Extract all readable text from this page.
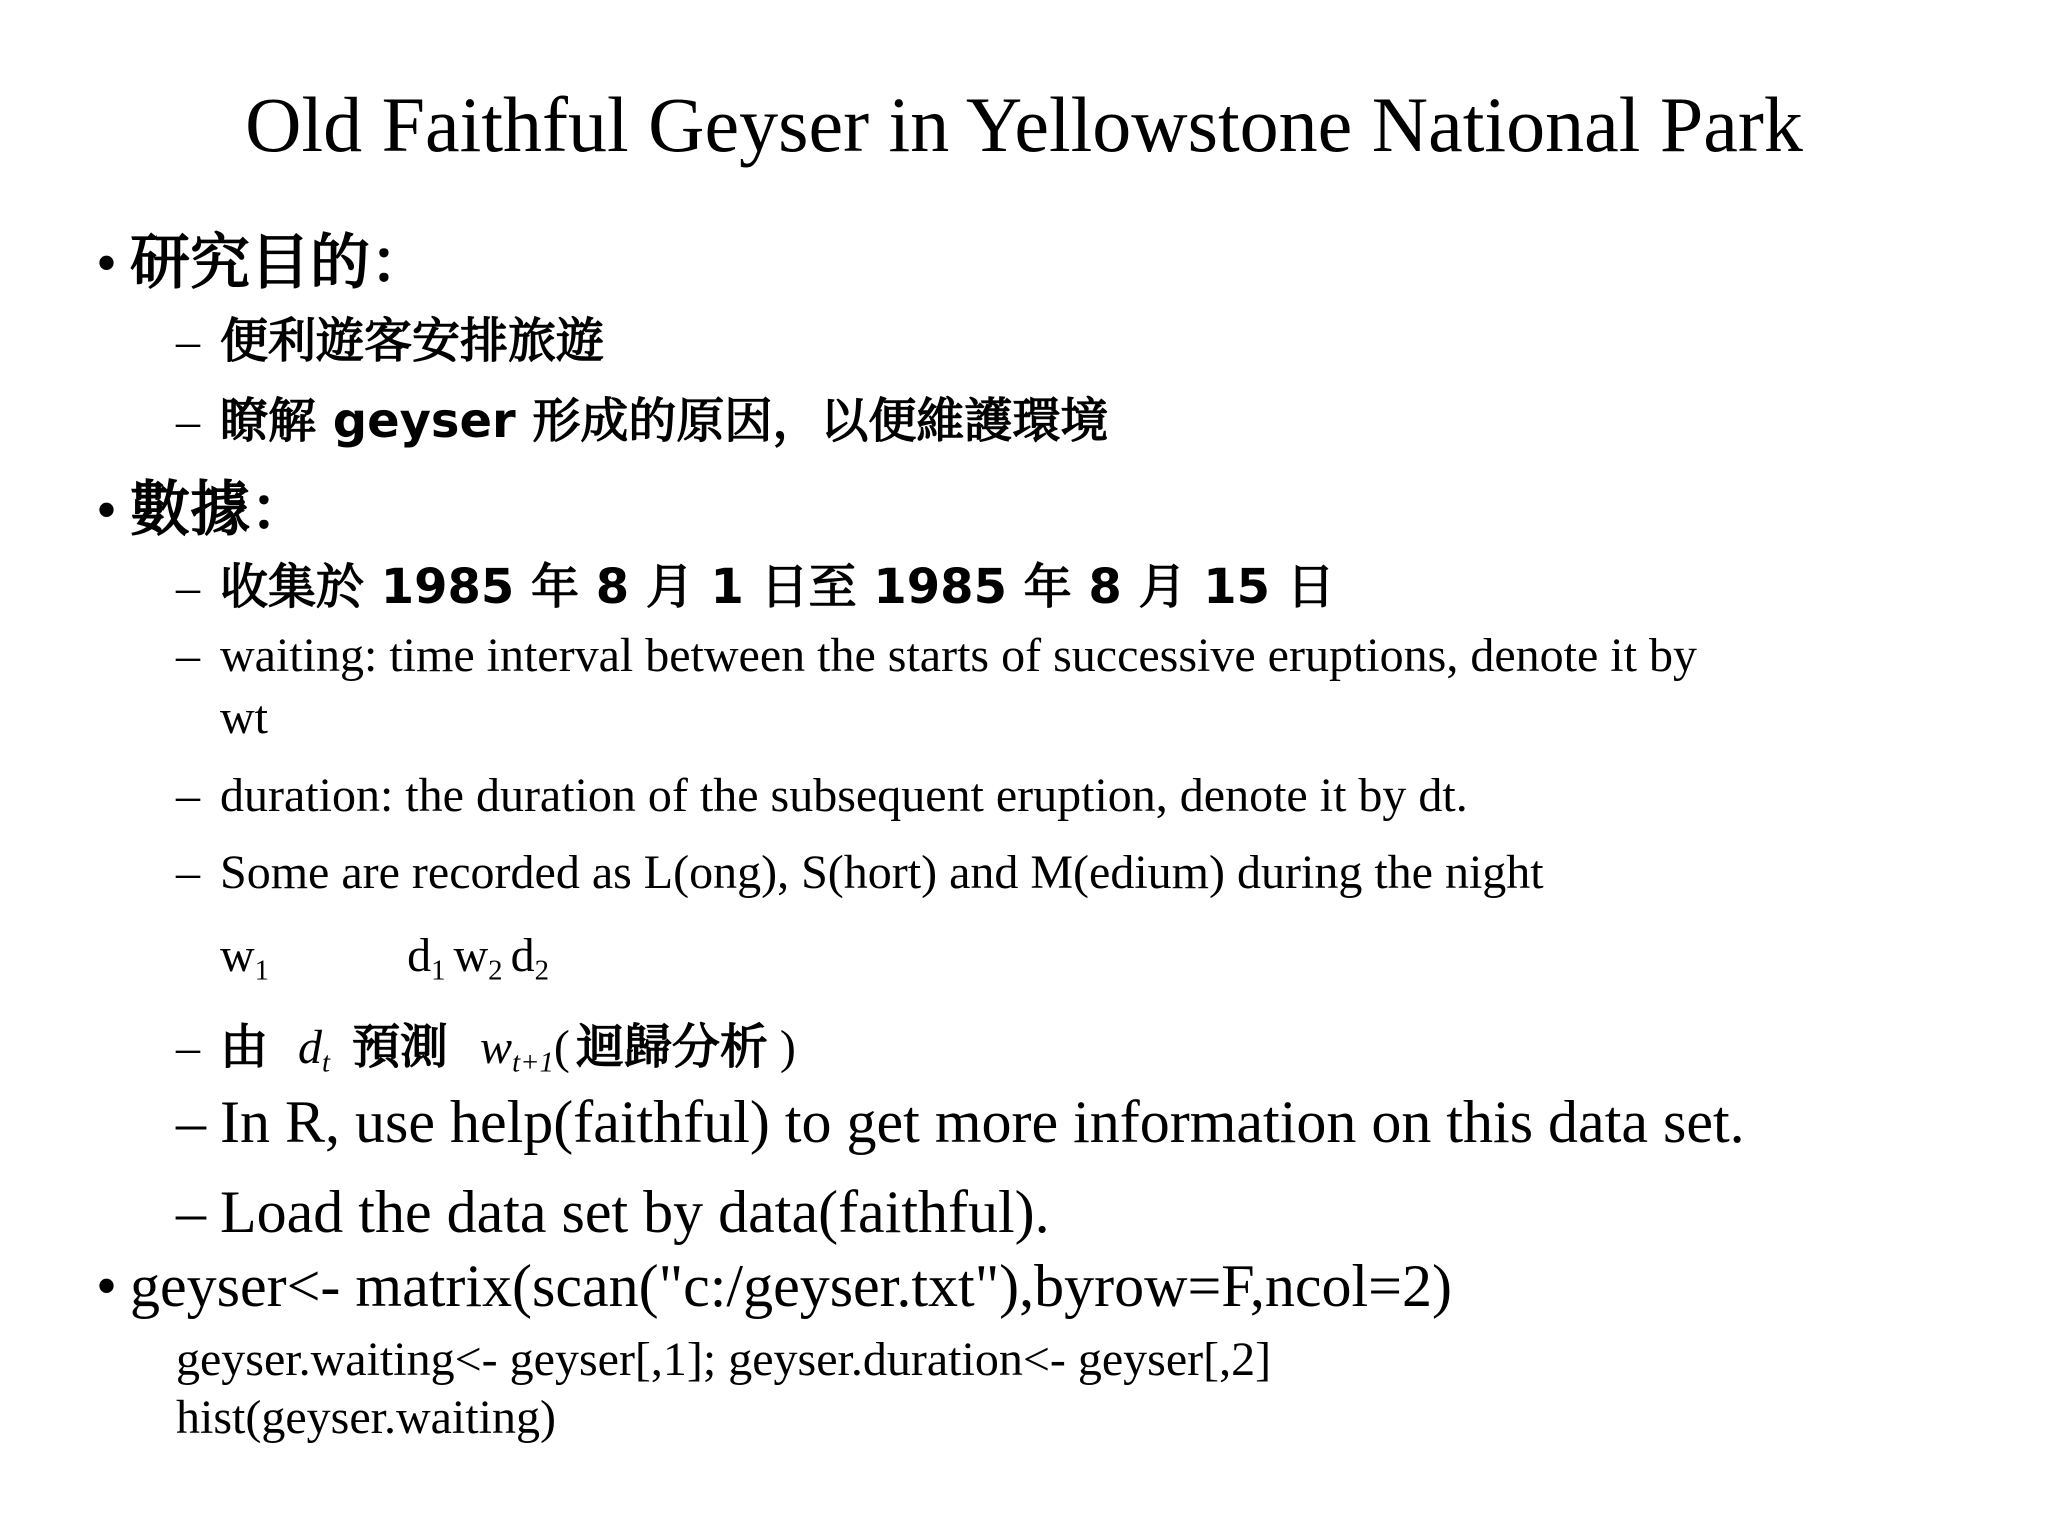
Old Faithful Geyser in Yellowstone National Park
• 研究目的：
– 便利遊客安排旅遊
– 瞭解 geyser 形成的原因，以便維護環境
• 數據：
– 收集於 1985 年 8 月 1 日至 1985 年 8 月 15 日
– waiting: time interval between the starts of successive eruptions, denote it by
wt
– duration: the duration of the subsequent eruption, denote it by dt.
– Some are recorded as L(ong), S(hort) and M(edium) during the night
$w_1$	$d_1$ $w_2$ $d_2$
– 由 $d_t$ 預測 $w_{t+1}$( 迴歸分析 )
– In R, use help(faithful) to get more information on this data set.
– Load the data set by data(faithful).
• geyser<- matrix(scan("c:/geyser.txt"),byrow=F,ncol=2)
geyser.waiting<- geyser[,1]; geyser.duration<- geyser[,2]
hist(geyser.waiting)
